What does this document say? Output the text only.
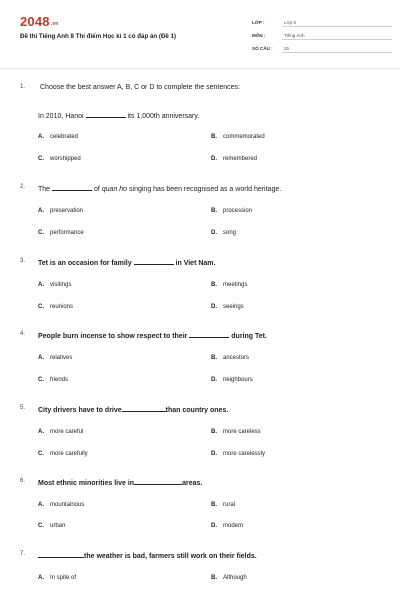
2048.vn
Đề thi Tiếng Anh 8 Thi điểm Học kì 1 có đáp án (Đề 1)
LỚP :	Lớp 8
MÔN :	Tiếng Anh
SỐ CÂU :	25
1. Choose the best answer A, B, C or D to complete the sentences:
In 2010, Hanoi	its 1,000th anniversary.
A. celebrated	B. commemorated
C. worshipped	D. remembered
2. The	of quan ho singing has been recognised as a world heritage.
A. preservation	B. procession
C. performance	D. song
3. Tet is an occasion for family	in Viet Nam.
A. visitings	B. meetings
C. reunions	D. seeings
4. People burn incense to show respect to their	during Tet.
A. relatives	B. ancestors
C. friends	D. neighbours
5. City drivers have to drive	than country ones.
A. more careful	B. more careless
C. more carefully	D. more carelessly
6. Most ethnic minorities live in	areas.
A. mountainous	B. rural
C. urban	D. modern
7.	the weather is bad, farmers still work on their fields.
A. In spite of	B. Although
